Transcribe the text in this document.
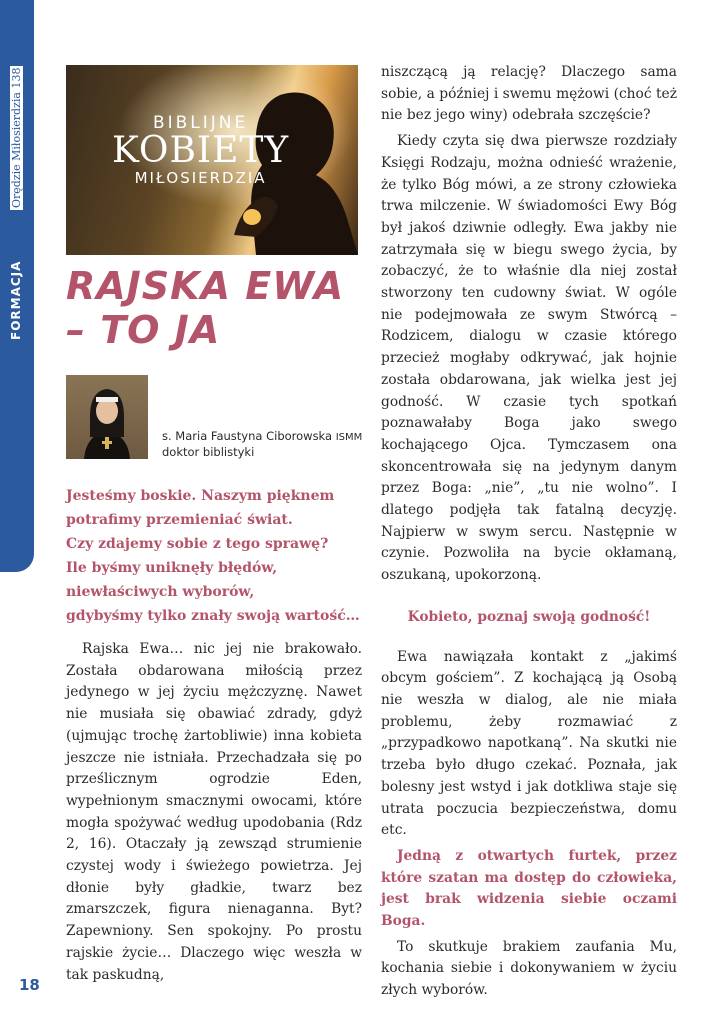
FORMACJA
Orędzie Miłosierdzia 138
18
BIBLIJNE
KOBIETY
MIŁOSIERDZIA
RAJSKA EWA
– TO JA
s. Maria Faustyna Ciborowska ISMM
doktor biblistyki
Jesteśmy boskie. Naszym pięknem
potrafimy przemieniać świat.
Czy zdajemy sobie z tego sprawę?
Ile byśmy uniknęły błędów,
niewłaściwych wyborów,
gdybyśmy tylko znały swoją wartość…

Rajska Ewa… nic jej nie brakowało. Została obdarowana miłością przez jedynego w jej życiu mężczyznę. Nawet nie musiała się obawiać zdrady, gdyż (ujmując trochę żartobliwie) inna kobieta jeszcze nie istniała. Przechadzała się po prześlicznym ogrodzie Eden, wypełnionym smacznymi owocami, które mogła spożywać według upodobania (Rdz 2, 16). Otaczały ją zewsząd strumienie czystej wody i świeżego powietrza. Jej dłonie były gładkie, twarz bez zmarszczek, figura nienaganna. Byt? Zapewniony. Sen spokojny. Po prostu rajskie życie… Dlaczego więc weszła w tak paskudną,

niszczącą ją relację? Dlaczego sama sobie, a później i swemu mężowi (choć też nie bez jego winy) odebrała szczęście?

Kiedy czyta się dwa pierwsze rozdziały Księgi Rodzaju, można odnieść wrażenie, że tylko Bóg mówi, a ze strony człowieka trwa milczenie. W świadomości Ewy Bóg był jakoś dziwnie odległy. Ewa jakby nie zatrzymała się w biegu swego życia, by zobaczyć, że to właśnie dla niej został stworzony ten cudowny świat. W ogóle nie podejmowała ze swym Stwórcą – Rodzicem, dialogu w czasie którego przecież mogłaby odkrywać, jak hojnie została obdarowana, jak wielka jest jej godność. W czasie tych spotkań poznawałaby Boga jako swego kochającego Ojca. Tymczasem ona skoncentrowała się na jedynym danym przez Boga: „nie”, „tu nie wolno”. I dlatego podjęła tak fatalną decyzję. Najpierw w swym sercu. Następnie w czynie. Pozwoliła na bycie okłamaną, oszukaną, upokorzoną.

Kobieto, poznaj swoją godność!

Ewa nawiązała kontakt z „jakimś obcym gościem”. Z kochającą ją Osobą nie weszła w dialog, ale nie miała problemu, żeby rozmawiać z „przypadkowo napotkaną”. Na skutki nie trzeba było długo czekać. Poznała, jak bolesny jest wstyd i jak dotkliwa staje się utrata poczucia bezpieczeństwa, domu etc.

Jedną z otwartych furtek, przez które szatan ma dostęp do człowieka, jest brak widzenia siebie oczami Boga.

To skutkuje brakiem zaufania Mu, kochania siebie i dokonywaniem w życiu złych wyborów.
